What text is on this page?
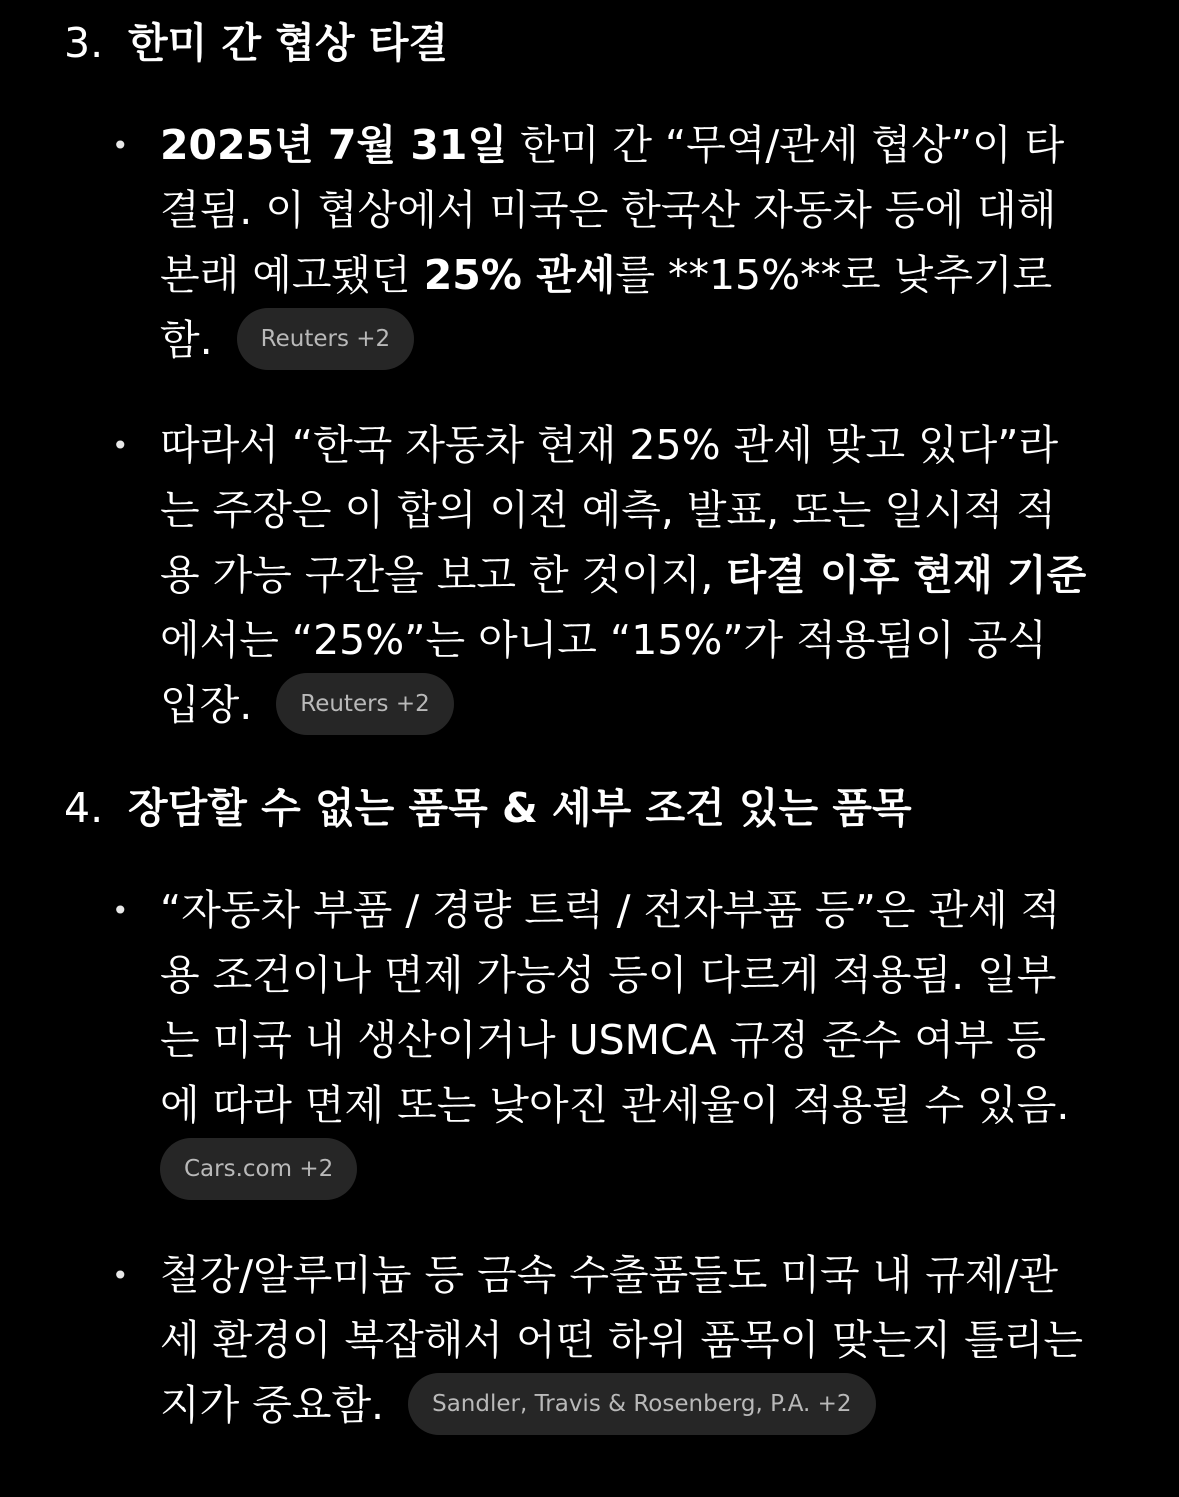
3. 한미 간 협상 타결
• 2025년 7월 31일 한미 간 “무역/관세 협상”이 타
결됨. 이 협상에서 미국은 한국산 자동차 등에 대해
본래 예고됐던 25% 관세를 **15%**로 낮추기로
함. Reuters +2
• 따라서 “한국 자동차 현재 25% 관세 맞고 있다”라
는 주장은 이 합의 이전 예측, 발표, 또는 일시적 적
용 가능 구간을 보고 한 것이지, 타결 이후 현재 기준
에서는 “25%”는 아니고 “15%”가 적용됨이 공식
입장. Reuters +2
4. 장담할 수 없는 품목 & 세부 조건 있는 품목
• “자동차 부품 / 경량 트럭 / 전자부품 등”은 관세 적
용 조건이나 면제 가능성 등이 다르게 적용됨. 일부
는 미국 내 생산이거나 USMCA 규정 준수 여부 등
에 따라 면제 또는 낮아진 관세율이 적용될 수 있음.
Cars.com +2
• 철강/알루미늄 등 금속 수출품들도 미국 내 규제/관
세 환경이 복잡해서 어떤 하위 품목이 맞는지 틀리는
지가 중요함. Sandler, Travis & Rosenberg, P.A. +2
